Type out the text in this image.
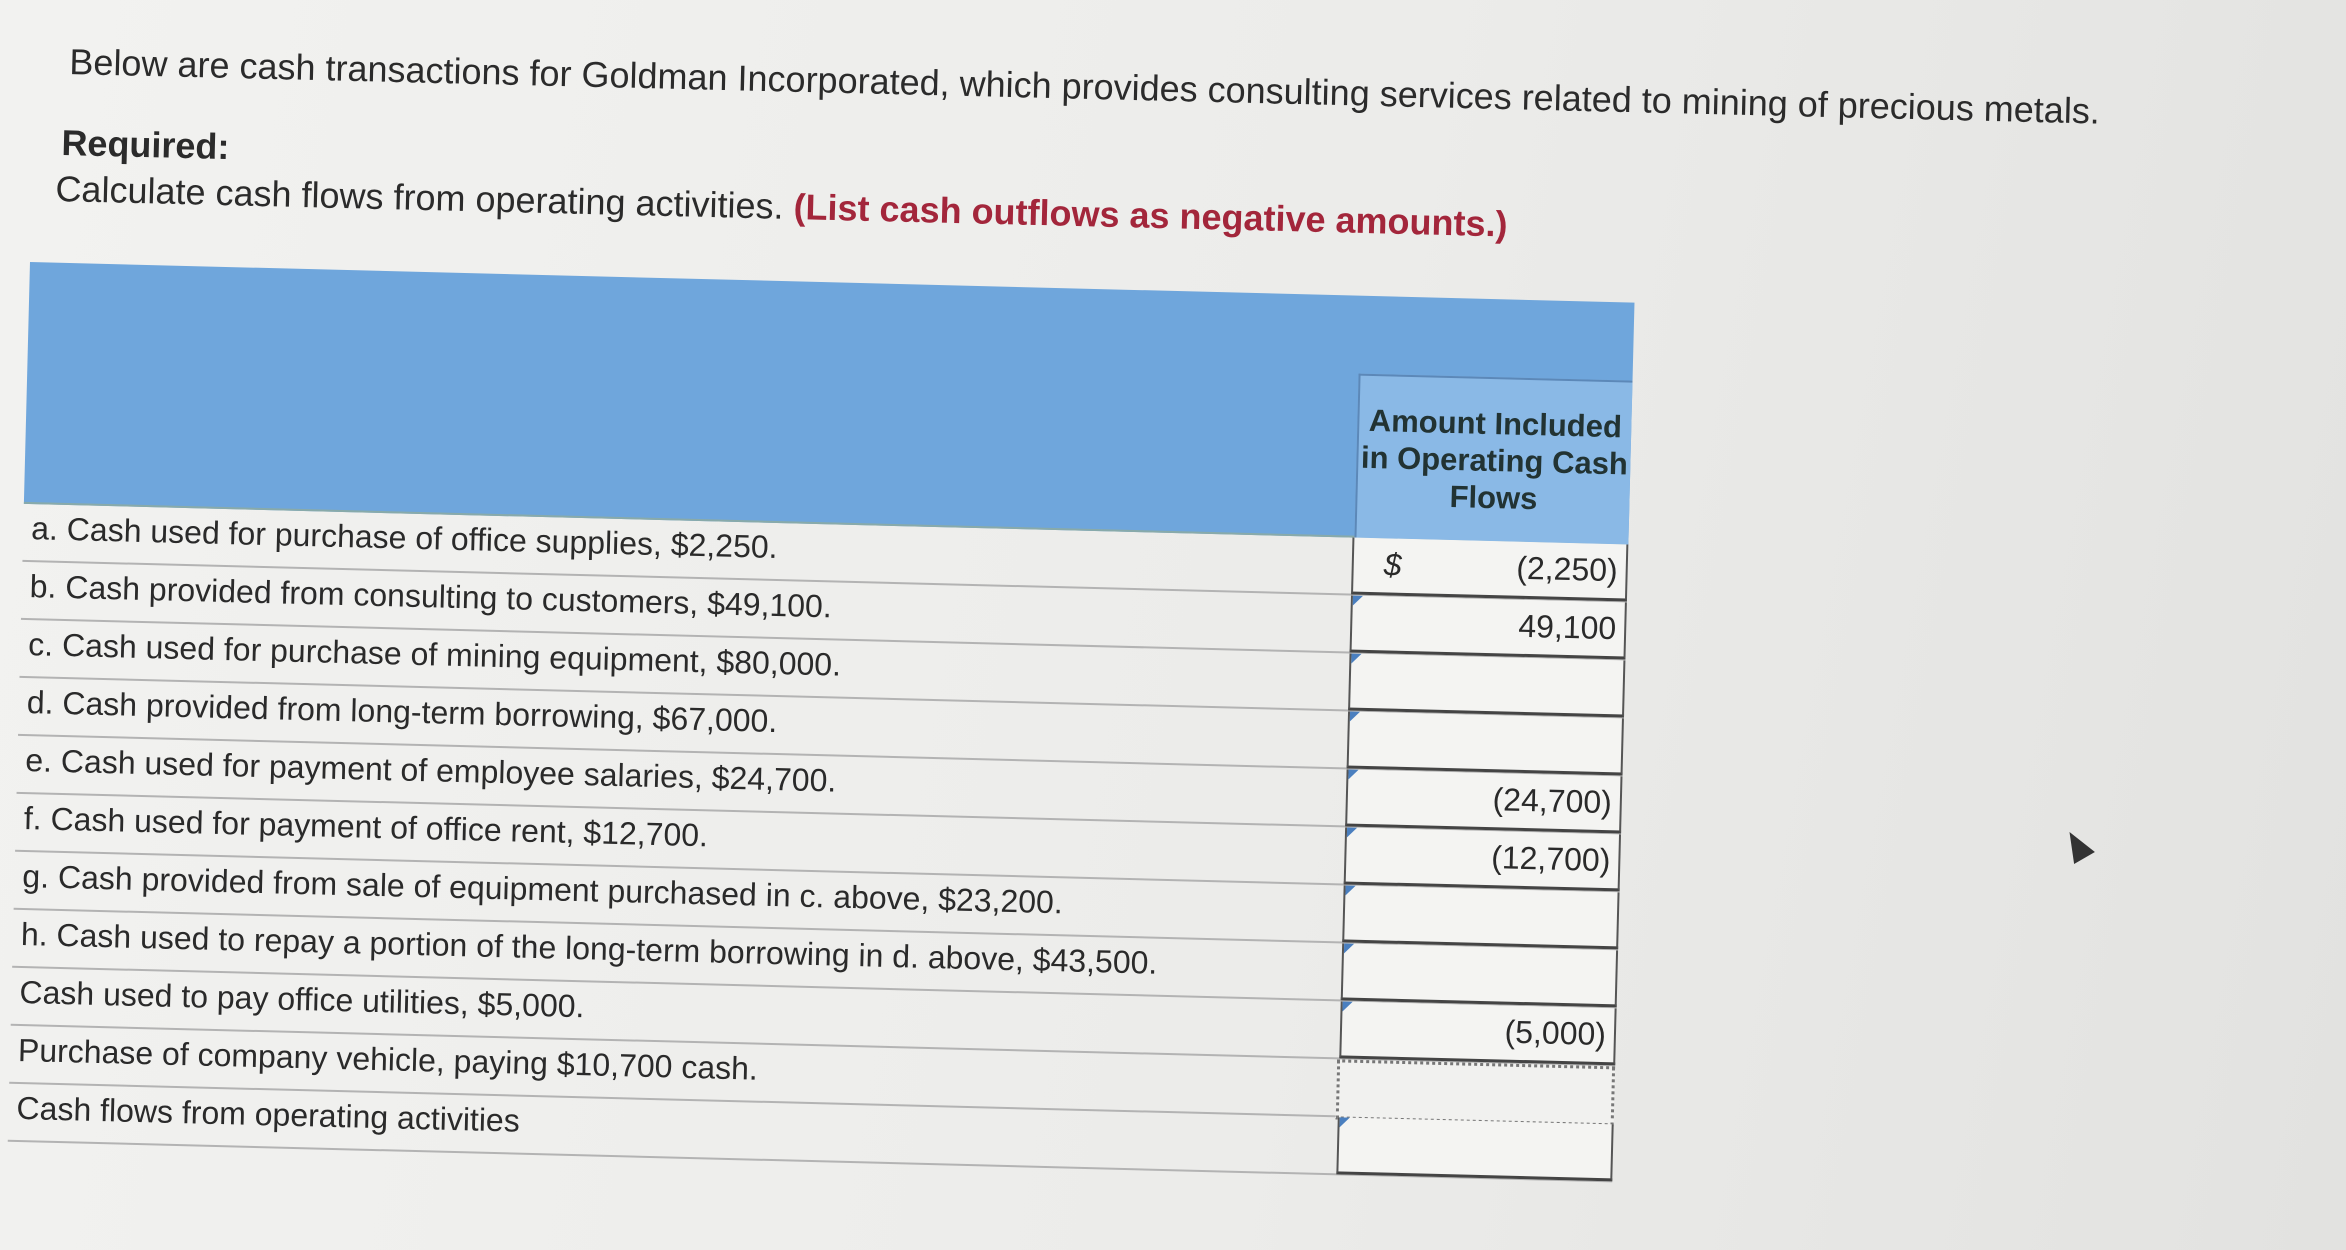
Below are cash transactions for Goldman Incorporated, which provides consulting services related to mining of precious metals.
Required:
Calculate cash flows from operating activities. (List cash outflows as negative amounts.)
Amount Included in Operating Cash Flows
a. Cash used for purchase of office supplies, $2,250.	$	(2,250)
b. Cash provided from consulting to customers, $49,100.
49,100
c. Cash used for purchase of mining equipment, $80,000.
d. Cash provided from long-term borrowing, $67,000.
e. Cash used for payment of employee salaries, $24,700.
(24,700)
f. Cash used for payment of office rent, $12,700.
(12,700)
g. Cash provided from sale of equipment purchased in c. above, $23,200.
h. Cash used to repay a portion of the long-term borrowing in d. above, $43,500.
Cash used to pay office utilities, $5,000.
(5,000)
Purchase of company vehicle, paying $10,700 cash.
Cash flows from operating activities
